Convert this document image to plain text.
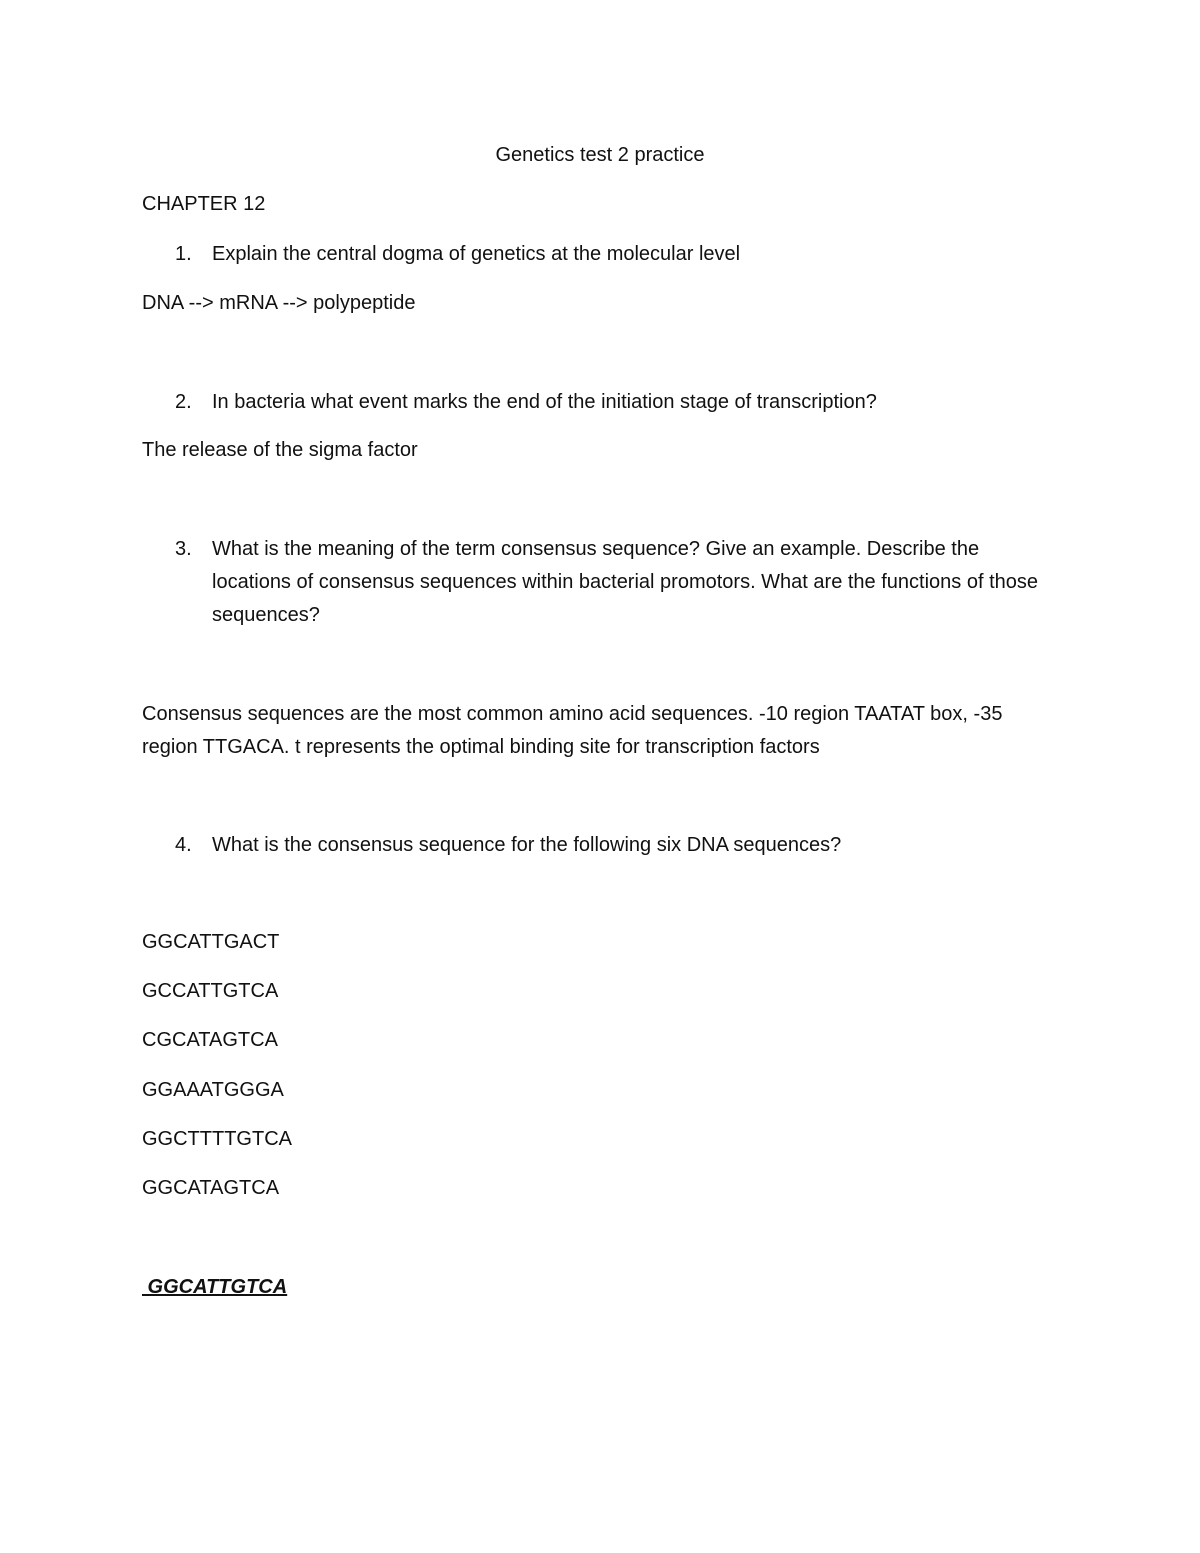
Genetics test 2 practice
CHAPTER 12
1. Explain the central dogma of genetics at the molecular level
DNA --> mRNA --> polypeptide
2. In bacteria what event marks the end of the initiation stage of transcription?
The release of the sigma factor
3. What is the meaning of the term consensus sequence? Give an example. Describe the locations of consensus sequences within bacterial promotors. What are the functions of those sequences?
Consensus sequences are the most common amino acid sequences. -10 region TAATAT box, -35 region TTGACA. t represents the optimal binding site for transcription factors
4. What is the consensus sequence for the following six DNA sequences?
GGCATTGACT
GCCATTGTCA
CGCATAGTCA
GGAAATGGGA
GGCTTTTGTCA
GGCATAGTCA
GGCATTGTCA
